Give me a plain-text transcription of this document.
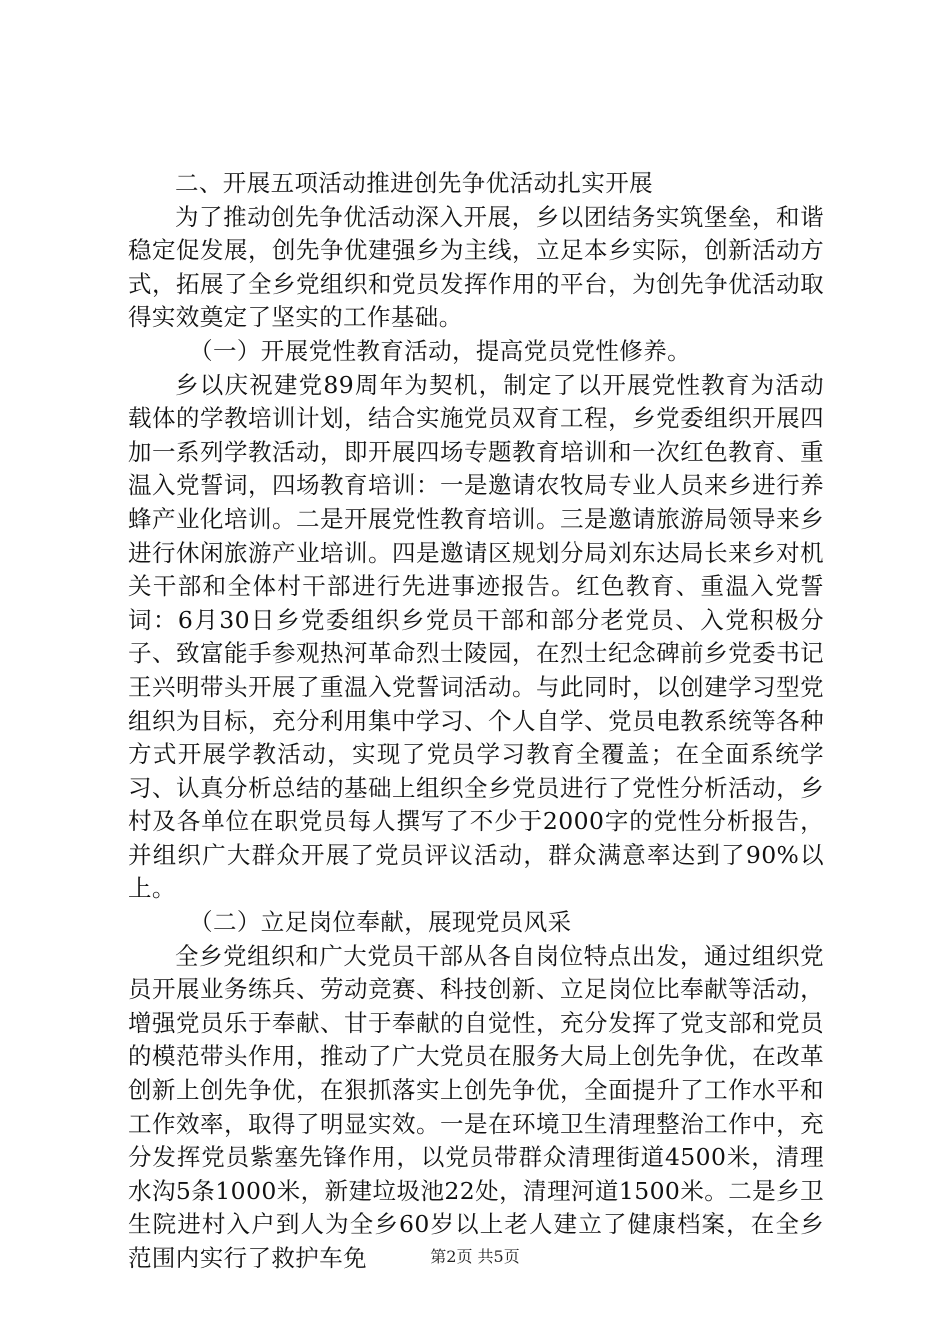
二、开展五项活动推进创先争优活动扎实开展

为了推动创先争优活动深入开展，乡以团结务实筑堡垒，和谐稳定促发展，创先争优建强乡为主线，立足本乡实际，创新活动方式，拓展了全乡党组织和党员发挥作用的平台，为创先争优活动取得实效奠定了坚实的工作基础。

（一）开展党性教育活动，提高党员党性修养。

乡以庆祝建党89周年为契机，制定了以开展党性教育为活动载体的学教培训计划，结合实施党员双育工程，乡党委组织开展四加一系列学教活动，即开展四场专题教育培训和一次红色教育、重温入党誓词，四场教育培训：一是邀请农牧局专业人员来乡进行养蜂产业化培训。二是开展党性教育培训。三是邀请旅游局领导来乡进行休闲旅游产业培训。四是邀请区规划分局刘东达局长来乡对机关干部和全体村干部进行先进事迹报告。红色教育、重温入党誓词：6月30日乡党委组织乡党员干部和部分老党员、入党积极分子、致富能手参观热河革命烈士陵园，在烈士纪念碑前乡党委书记王兴明带头开展了重温入党誓词活动。与此同时，以创建学习型党组织为目标，充分利用集中学习、个人自学、党员电教系统等各种方式开展学教活动，实现了党员学习教育全覆盖；在全面系统学习、认真分析总结的基础上组织全乡党员进行了党性分析活动，乡村及各单位在职党员每人撰写了不少于2000字的党性分析报告，并组织广大群众开展了党员评议活动，群众满意率达到了90%以上。

（二）立足岗位奉献，展现党员风采

全乡党组织和广大党员干部从各自岗位特点出发，通过组织党员开展业务练兵、劳动竞赛、科技创新、立足岗位比奉献等活动，增强党员乐于奉献、甘于奉献的自觉性，充分发挥了党支部和党员的模范带头作用，推动了广大党员在服务大局上创先争优，在改革创新上创先争优，在狠抓落实上创先争优，全面提升了工作水平和工作效率，取得了明显实效。一是在环境卫生清理整治工作中，充分发挥党员紫塞先锋作用，以党员带群众清理街道4500米，清理水沟5条1000米，新建垃圾池22处，清理河道1500米。二是乡卫生院进村入户到人为全乡60岁以上老人建立了健康档案，在全乡范围内实行了救护车免	第2页 共5页
